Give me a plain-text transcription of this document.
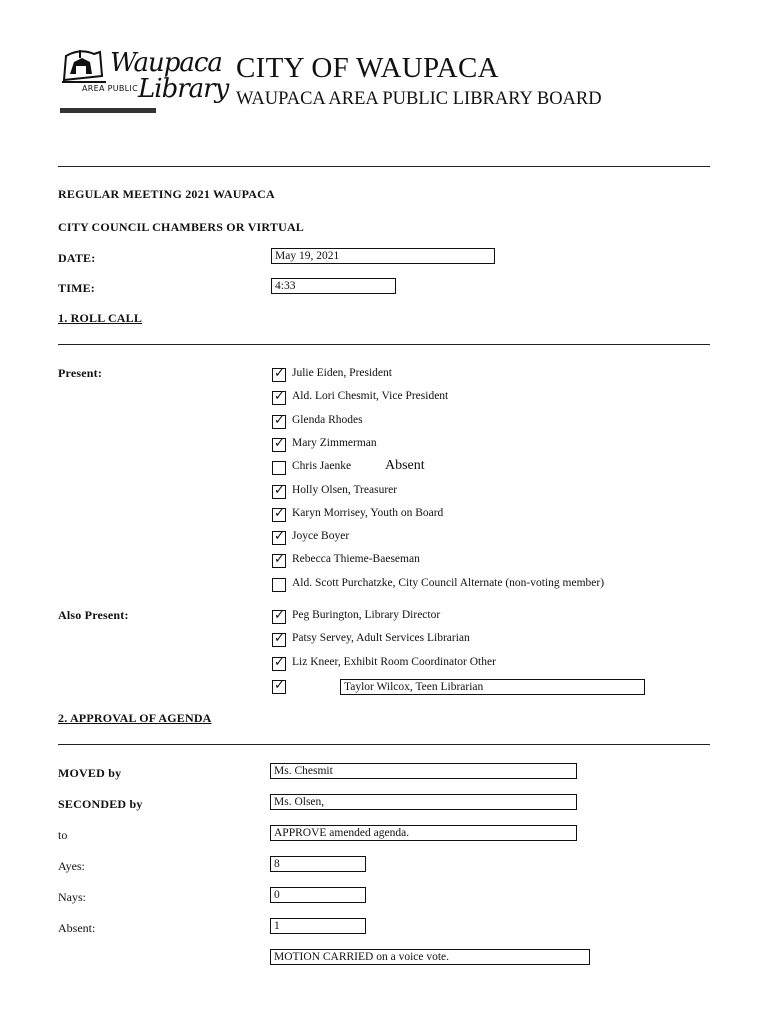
Waupaca
AREA PUBLIC Library
CITY OF WAUPACA
WAUPACA AREA PUBLIC LIBRARY BOARD
REGULAR MEETING 2021 WAUPACA
CITY COUNCIL CHAMBERS OR VIRTUAL
DATE:	May 19, 2021
TIME:	4:33
1. ROLL CALL
Present:	✓ Julie Eiden, President
✓ Ald. Lori Chesmit, Vice President
✓ Glenda Rhodes
✓ Mary Zimmerman
Chris Jaenke Absent
✓ Holly Olsen, Treasurer
✓ Karyn Morrisey, Youth on Board
✓ Joyce Boyer
✓ Rebecca Thieme-Baeseman
Ald. Scott Purchatzke, City Council Alternate (non-voting member)
Also Present:	✓ Peg Burington, Library Director
✓ Patsy Servey, Adult Services Librarian
✓ Liz Kneer, Exhibit Room Coordinator Other
✓	Taylor Wilcox, Teen Librarian
2. APPROVAL OF AGENDA
MOVED by	Ms. Chesmit
SECONDED by	Ms. Olsen,
to	APPROVE amended agenda.
Ayes:	8
Nays:	0
Absent:	1
MOTION CARRIED on a voice vote.
